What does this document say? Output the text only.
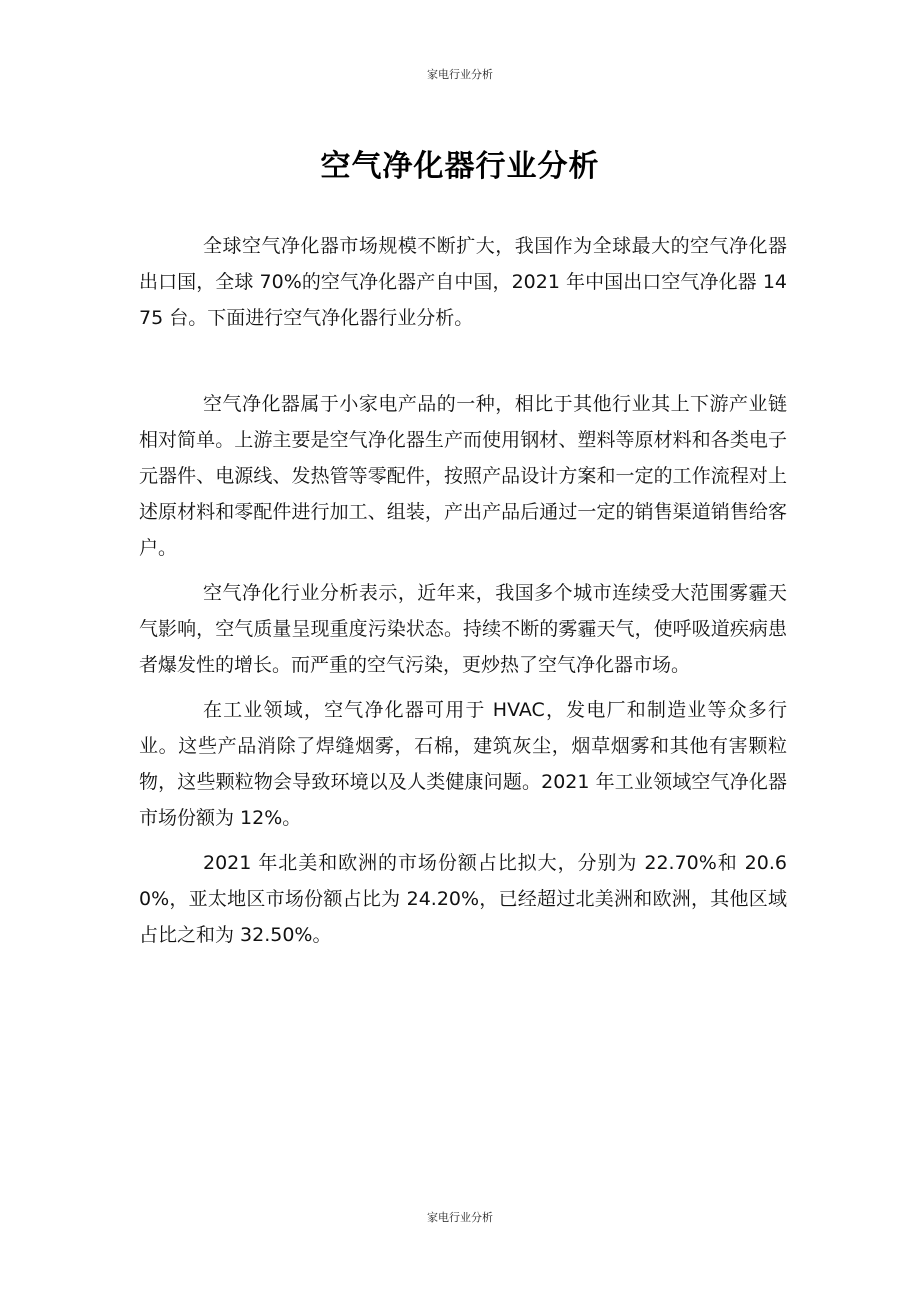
家电行业分析
空气净化器行业分析

全球空气净化器市场规模不断扩大，我国作为全球最大的空气净化器出口国，全球 70%的空气净化器产自中国，2021 年中国出口空气净化器 1475 台。下面进行空气净化器行业分析。

空气净化器属于小家电产品的一种，相比于其他行业其上下游产业链相对简单。上游主要是空气净化器生产而使用钢材、塑料等原材料和各类电子元器件、电源线、发热管等零配件，按照产品设计方案和一定的工作流程对上述原材料和零配件进行加工、组装，产出产品后通过一定的销售渠道销售给客户。

空气净化行业分析表示，近年来，我国多个城市连续受大范围雾霾天气影响，空气质量呈现重度污染状态。持续不断的雾霾天气，使呼吸道疾病患者爆发性的增长。而严重的空气污染，更炒热了空气净化器市场。

在工业领域，空气净化器可用于 HVAC，发电厂和制造业等众多行业。这些产品消除了焊缝烟雾，石棉，建筑灰尘，烟草烟雾和其他有害颗粒物，这些颗粒物会导致环境以及人类健康问题。2021 年工业领域空气净化器市场份额为 12%。

2021 年北美和欧洲的市场份额占比拟大，分别为 22.70%和 20.60%，亚太地区市场份额占比为 24.20%，已经超过北美洲和欧洲，其他区域占比之和为 32.50%。

家电行业分析
